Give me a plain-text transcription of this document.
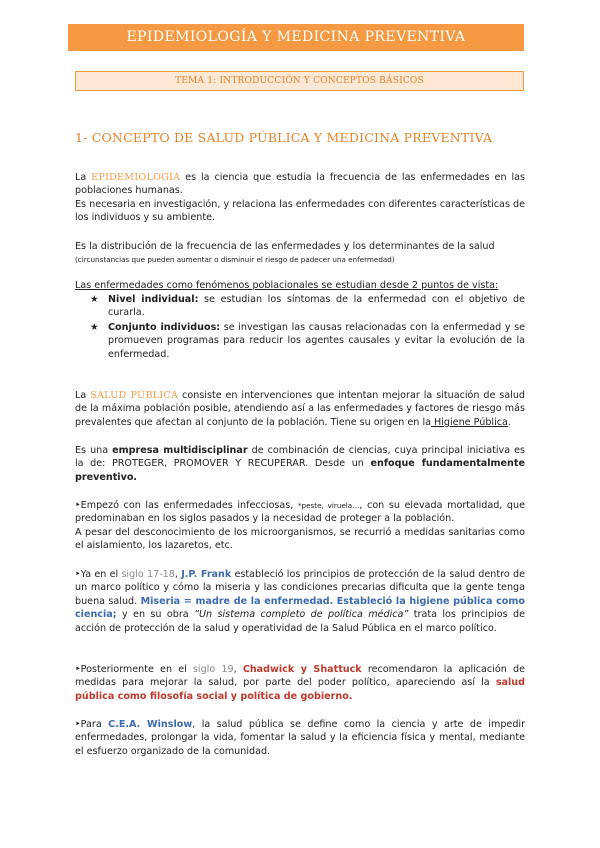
EPIDEMIOLOGÍA Y MEDICINA PREVENTIVA
TEMA 1: INTRODUCCIÓN Y CONCEPTOS BÁSICOS
1- CONCEPTO DE SALUD PÚBLICA Y MEDICINA PREVENTIVA
La EPIDEMIOLOGÍA es la ciencia que estudia la frecuencia de las enfermedades en las poblaciones humanas.
Es necesaria en investigación, y relaciona las enfermedades con diferentes características de los individuos y su ambiente.
Es la distribución de la frecuencia de las enfermedades y los determinantes de la salud
(circunstancias que pueden aumentar o disminuir el riesgo de padecer una enfermedad)
Las enfermedades como fenómenos poblacionales se estudian desde 2 puntos de vista:
★ Nivel individual: se estudian los síntomas de la enfermedad con el objetivo de curarla.
★ Conjunto individuos: se investigan las causas relacionadas con la enfermedad y se promueven programas para reducir los agentes causales y evitar la evolución de la enfermedad.
La SALUD PÚBLICA consiste en intervenciones que intentan mejorar la situación de salud de la máxima población posible, atendiendo así a las enfermedades y factores de riesgo más prevalentes que afectan al conjunto de la población. Tiene su origen en la Higiene Pública.
Es una empresa multidisciplinar de combinación de ciencias, cuya principal iniciativa es la de: PROTEGER, PROMOVER Y RECUPERAR. Desde un enfoque fundamentalmente preventivo.
‣Empezó con las enfermedades infecciosas, *peste, viruela…, con su elevada mortalidad, que predominaban en los siglos pasados y la necesidad de proteger a la población.
A pesar del desconocimiento de los microorganismos, se recurrió a medidas sanitarias como el aislamiento, los lazaretos, etc.
‣Ya en el siglo 17-18, J.P. Frank estableció los principios de protección de la salud dentro de un marco político y cómo la miseria y las condiciones precarias dificulta que la gente tenga buena salud. Miseria = madre de la enfermedad. Estableció la higiene pública como ciencia; y en su obra “Un sistema completo de política médica” trata los principios de acción de protección de la salud y operatividad de la Salud Pública en el marco político.
‣Posteriormente en el siglo 19, Chadwick y Shattuck recomendaron la aplicación de medidas para mejorar la salud, por parte del poder político, apareciendo así la salud pública como filosofía social y política de gobierno.
‣Para C.E.A. Winslow, la salud pública se define como la ciencia y arte de impedir enfermedades, prolongar la vida, fomentar la salud y la eficiencia física y mental, mediante el esfuerzo organizado de la comunidad.
